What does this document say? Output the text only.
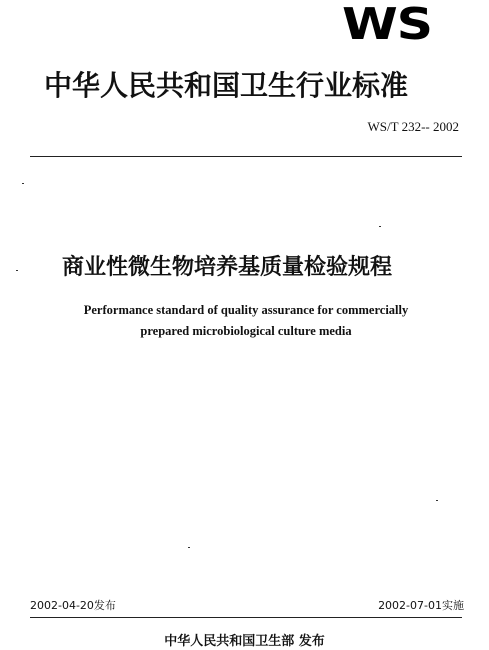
WS
中华人民共和国卫生行业标准
WS/T 232-- 2002
商业性微生物培养基质量检验规程
Performance standard of quality assurance for commercially
prepared microbiological culture media
2002-04-20发布	2002-07-01实施
中华人民共和国卫生部 发布
